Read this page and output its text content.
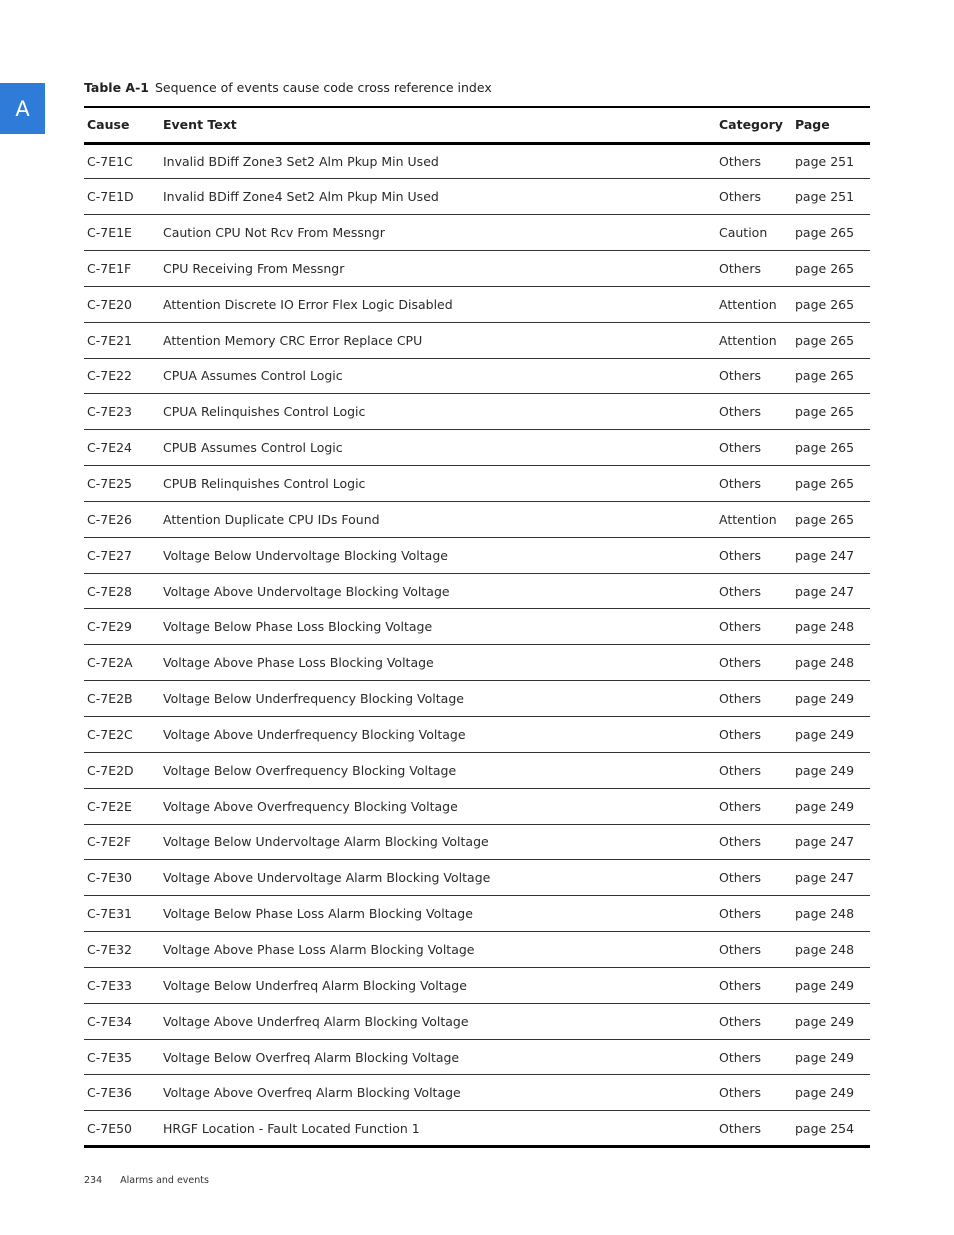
A
Table A-1 Sequence of events cause code cross reference index
Cause	Event Text	Category	Page
C-7E1C	Invalid BDiff Zone3 Set2 Alm Pkup Min Used	Others	page 251
C-7E1D	Invalid BDiff Zone4 Set2 Alm Pkup Min Used	Others	page 251
C-7E1E	Caution CPU Not Rcv From Messngr	Caution	page 265
C-7E1F	CPU Receiving From Messngr	Others	page 265
C-7E20	Attention Discrete IO Error Flex Logic Disabled	Attention	page 265
C-7E21	Attention Memory CRC Error Replace CPU	Attention	page 265
C-7E22	CPUA Assumes Control Logic	Others	page 265
C-7E23	CPUA Relinquishes Control Logic	Others	page 265
C-7E24	CPUB Assumes Control Logic	Others	page 265
C-7E25	CPUB Relinquishes Control Logic	Others	page 265
C-7E26	Attention Duplicate CPU IDs Found	Attention	page 265
C-7E27	Voltage Below Undervoltage Blocking Voltage	Others	page 247
C-7E28	Voltage Above Undervoltage Blocking Voltage	Others	page 247
C-7E29	Voltage Below Phase Loss Blocking Voltage	Others	page 248
C-7E2A	Voltage Above Phase Loss Blocking Voltage	Others	page 248
C-7E2B	Voltage Below Underfrequency Blocking Voltage	Others	page 249
C-7E2C	Voltage Above Underfrequency Blocking Voltage	Others	page 249
C-7E2D	Voltage Below Overfrequency Blocking Voltage	Others	page 249
C-7E2E	Voltage Above Overfrequency Blocking Voltage	Others	page 249
C-7E2F	Voltage Below Undervoltage Alarm Blocking Voltage	Others	page 247
C-7E30	Voltage Above Undervoltage Alarm Blocking Voltage	Others	page 247
C-7E31	Voltage Below Phase Loss Alarm Blocking Voltage	Others	page 248
C-7E32	Voltage Above Phase Loss Alarm Blocking Voltage	Others	page 248
C-7E33	Voltage Below Underfreq Alarm Blocking Voltage	Others	page 249
C-7E34	Voltage Above Underfreq Alarm Blocking Voltage	Others	page 249
C-7E35	Voltage Below Overfreq Alarm Blocking Voltage	Others	page 249
C-7E36	Voltage Above Overfreq Alarm Blocking Voltage	Others	page 249
C-7E50	HRGF Location - Fault Located Function 1	Others	page 254
234 Alarms and events
